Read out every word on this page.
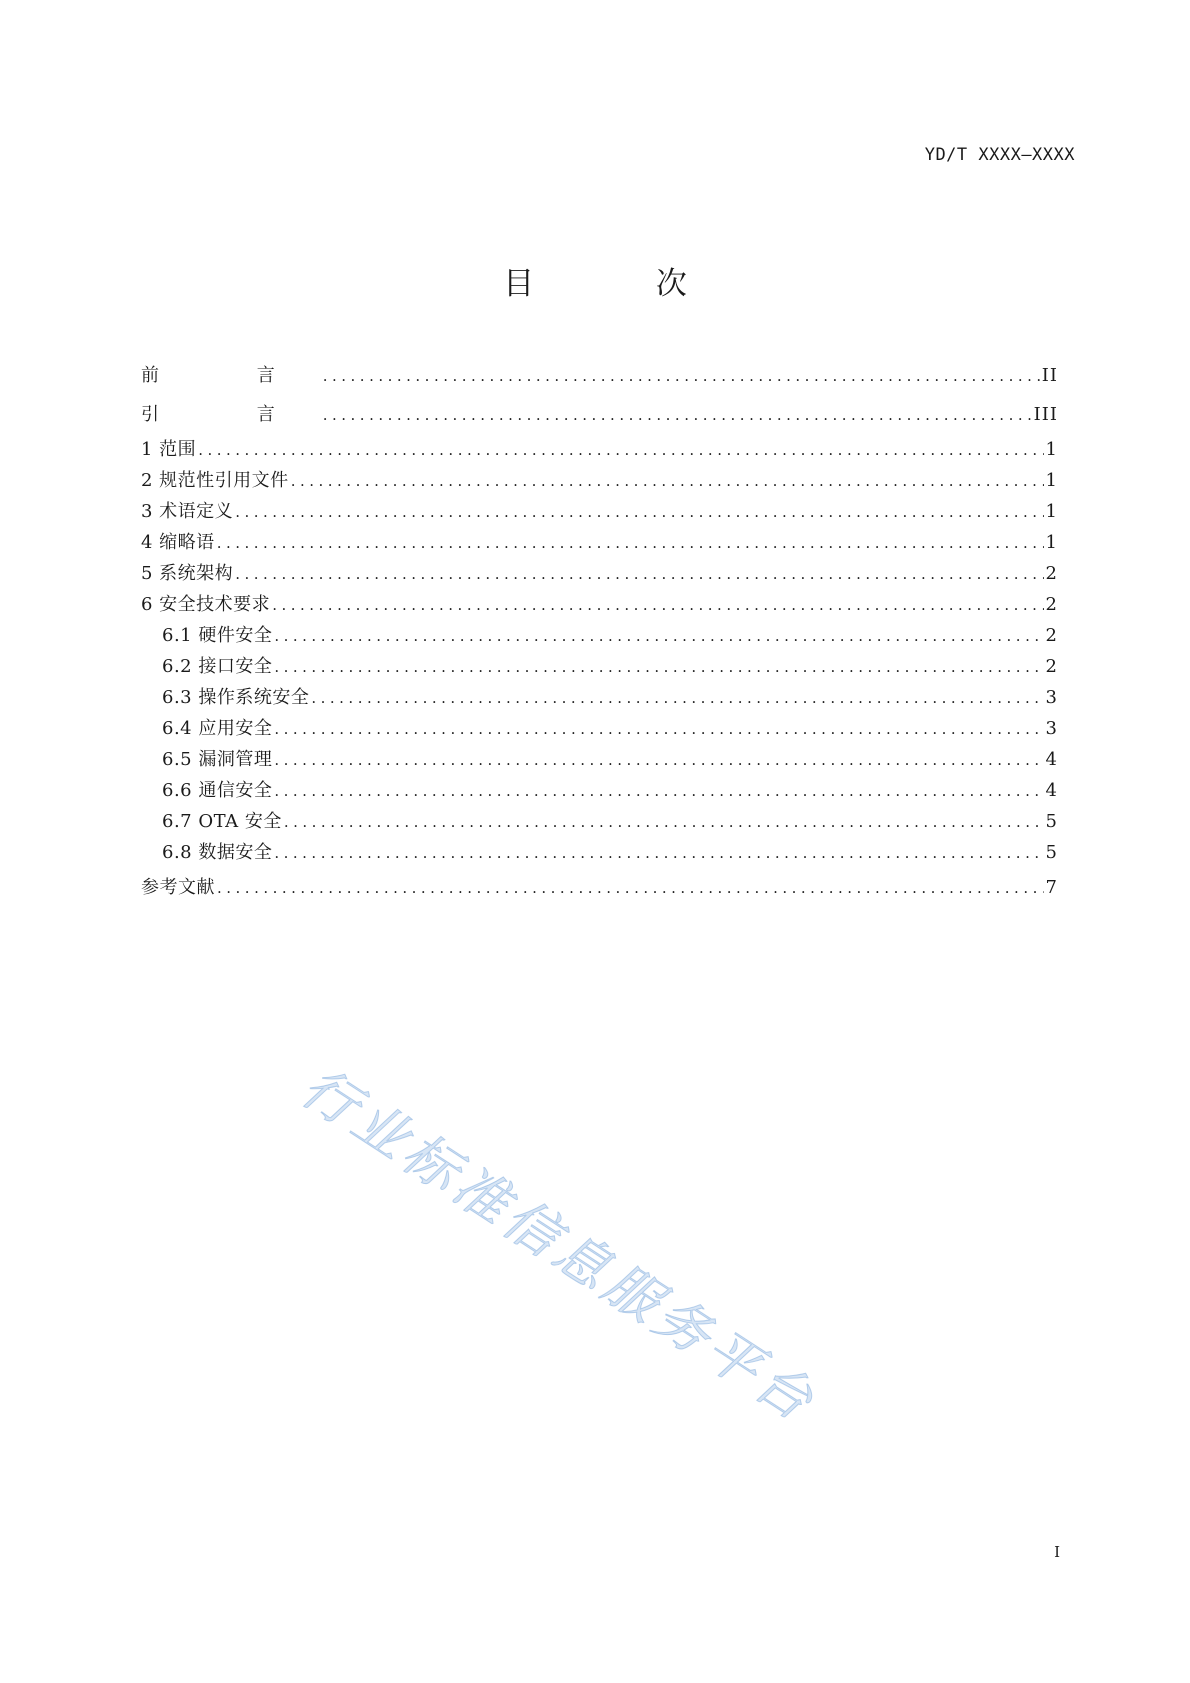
YD/T XXXX—XXXX
目 次
前 言 .....	II
引 言 .....	III
1 范围 .....	1
2 规范性引用文件 .....	1
3 术语定义 .....	1
4 缩略语 .....	1
5 系统架构 .....	2
6 安全技术要求 .....	2
6.1 硬件安全 .....	2
6.2 接口安全 .....	2
6.3 操作系统安全 .....	3
6.4 应用安全 .....	3
6.5 漏洞管理 .....	4
6.6 通信安全 .....	4
6.7 OTA 安全 .....	5
6.8 数据安全 .....	5
参考文献 .....	7
行业标准信息服务平台
I
